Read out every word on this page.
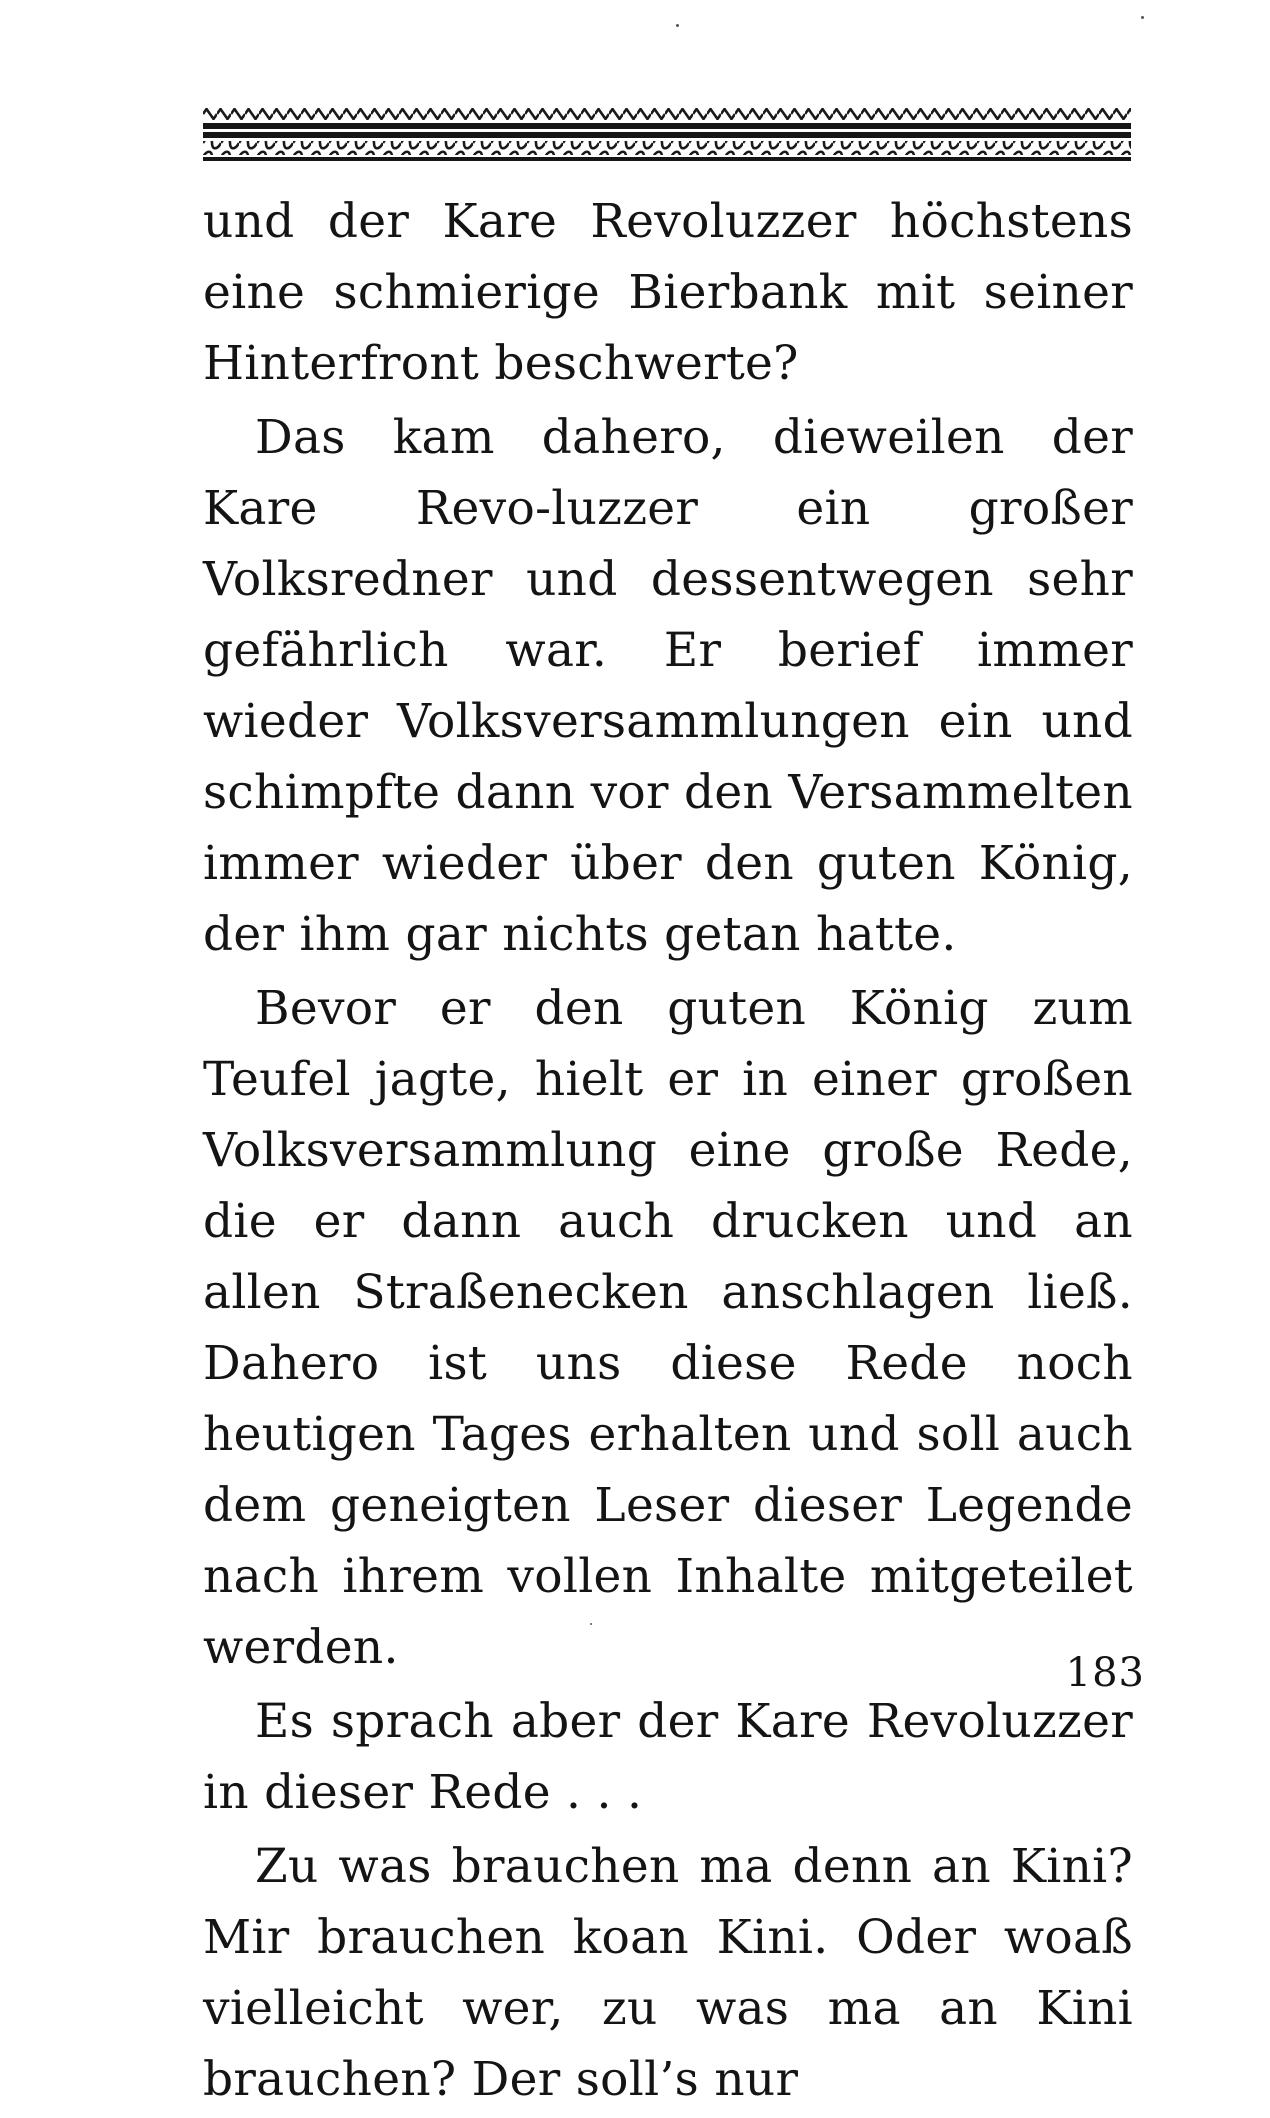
und der Kare Revoluzzer höchstens eine schmierige Bierbank mit seiner Hinterfront beschwerte?

Das kam dahero, dieweilen der Kare Revo-luzzer ein großer Volksredner und dessentwegen sehr gefährlich war. Er berief immer wieder Volksversammlungen ein und schimpfte dann vor den Versammelten immer wieder über den guten König, der ihm gar nichts getan hatte.

Bevor er den guten König zum Teufel jagte, hielt er in einer großen Volksversammlung eine große Rede, die er dann auch drucken und an allen Straßenecken anschlagen ließ. Dahero ist uns diese Rede noch heutigen Tages erhalten und soll auch dem geneigten Leser dieser Legende nach ihrem vollen Inhalte mitgeteilet werden.

Es sprach aber der Kare Revoluzzer in dieser Rede . . .

Zu was brauchen ma denn an Kini? Mir brauchen koan Kini. Oder woaß vielleicht wer, zu was ma an Kini brauchen? Der soll’s nur

183
